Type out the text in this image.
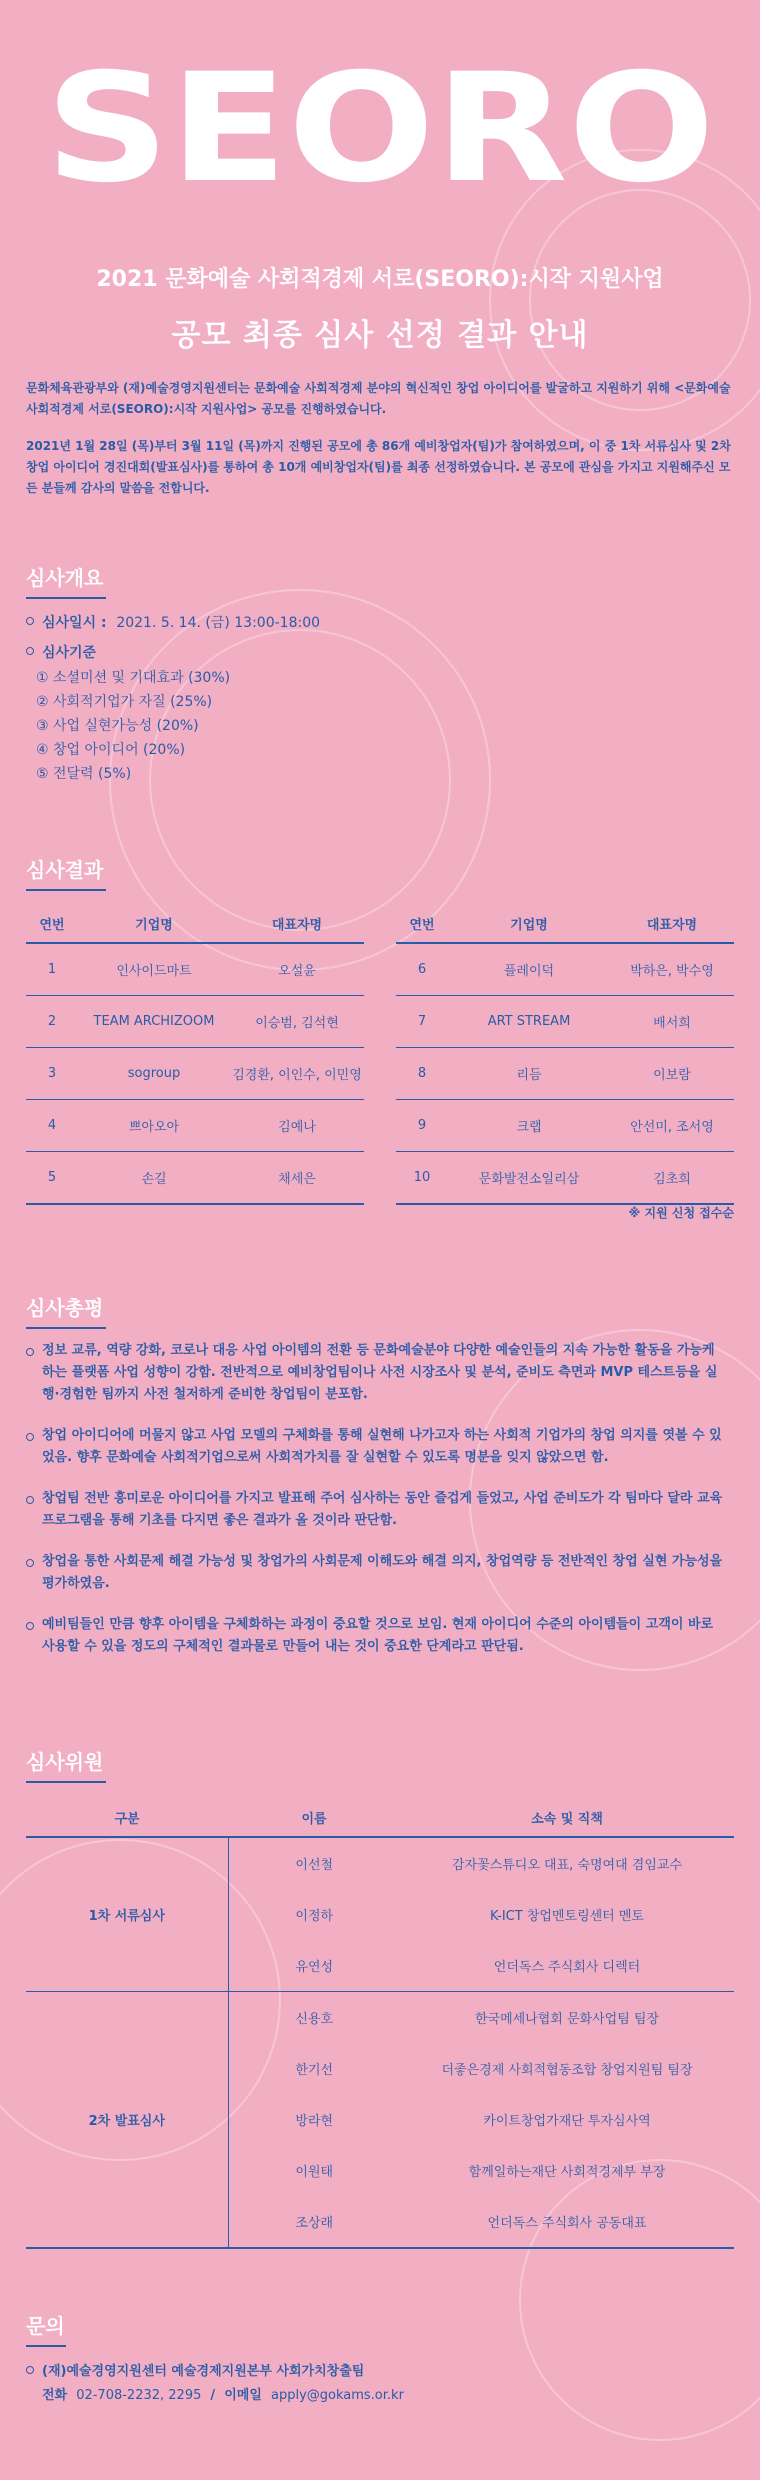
SEORO
2021 문화예술 사회적경제 서로(SEORO):시작 지원사업
공모 최종 심사 선정 결과 안내

문화체육관광부와 (재)예술경영지원센터는 문화예술 사회적경제 분야의 혁신적인 창업 아이디어를 발굴하고 지원하기 위해 <문화예술 사회적경제 서로(SEORO):시작 지원사업> 공모를 진행하였습니다.

2021년 1월 28일 (목)부터 3월 11일 (목)까지 진행된 공모에 총 86개 예비창업자(팀)가 참여하였으며, 이 중 1차 서류심사 및 2차 창업 아이디어 경진대회(발표심사)를 통하여 총 10개 예비창업자(팀)를 최종 선정하였습니다. 본 공모에 관심을 가지고 지원해주신 모든 분들께 감사의 말씀을 전합니다.

심사개요
심사일시 : 2021. 5. 14. (금) 13:00-18:00
심사기준
① 소셜미션 및 기대효과 (30%)
② 사회적기업가 자질 (25%)
③ 사업 실현가능성 (20%)
④ 창업 아이디어 (20%)
⑤ 전달력 (5%)
심사결과
연번	기업명	대표자명
1	인사이드마트	오설윤
2	TEAM ARCHIZOOM	이승범, 김석현
3	sogroup	김경환, 이인수, 이민영
4	쁘아오아	김예나
5	손길	채세은
연번	기업명	대표자명
6	플레이덕	박하은, 박수영
7	ART STREAM	배서희
8	리듬	이보람
9	크랩	안선미, 조서영
10	문화발전소일리삼	김초희
※ 지원 신청 접수순
심사총평
정보 교류, 역량 강화, 코로나 대응 사업 아이템의 전환 등 문화예술분야 다양한 예술인들의 지속 가능한 활동을 가능케하는 플랫폼 사업 성향이 강함. 전반적으로 예비창업팀이나 사전 시장조사 및 분석, 준비도 측면과 MVP 테스트등을 실행·경험한 팀까지 사전 철저하게 준비한 창업팀이 분포함.
창업 아이디어에 머물지 않고 사업 모델의 구체화를 통해 실현해 나가고자 하는 사회적 기업가의 창업 의지를 엿볼 수 있었음. 향후 문화예술 사회적기업으로써 사회적가치를 잘 실현할 수 있도록 명분을 잊지 않았으면 함.
창업팀 전반 흥미로운 아이디어를 가지고 발표해 주어 심사하는 동안 즐겁게 들었고, 사업 준비도가 각 팀마다 달라 교육 프로그램을 통해 기초를 다지면 좋은 결과가 올 것이라 판단함.
창업을 통한 사회문제 해결 가능성 및 창업가의 사회문제 이해도와 해결 의지, 창업역량 등 전반적인 창업 실현 가능성을 평가하였음.
예비팀들인 만큼 향후 아이템을 구체화하는 과정이 중요할 것으로 보임. 현재 아이디어 수준의 아이템들이 고객이 바로 사용할 수 있을 정도의 구체적인 결과물로 만들어 내는 것이 중요한 단계라고 판단됨.
심사위원
구분	이름	소속 및 직책
1차 서류심사	이선철	감자꽃스튜디오 대표, 숙명여대 겸임교수
	이정하	K-ICT 창업멘토링센터 멘토
	유연성	언더독스 주식회사 디렉터
2차 발표심사	신용호	한국메세나협회 문화사업팀 팀장
	한기선	더좋은경제 사회적협동조합 창업지원팀 팀장
	방라현	카이트창업가재단 투자심사역
	이원태	함께일하는재단 사회적경제부 부장
	조상래	언더독스 주식회사 공동대표
문의
(재)예술경영지원센터 예술경제지원본부 사회가치창출팀
전화 02-708-2232, 2295 / 이메일 apply@gokams.or.kr
